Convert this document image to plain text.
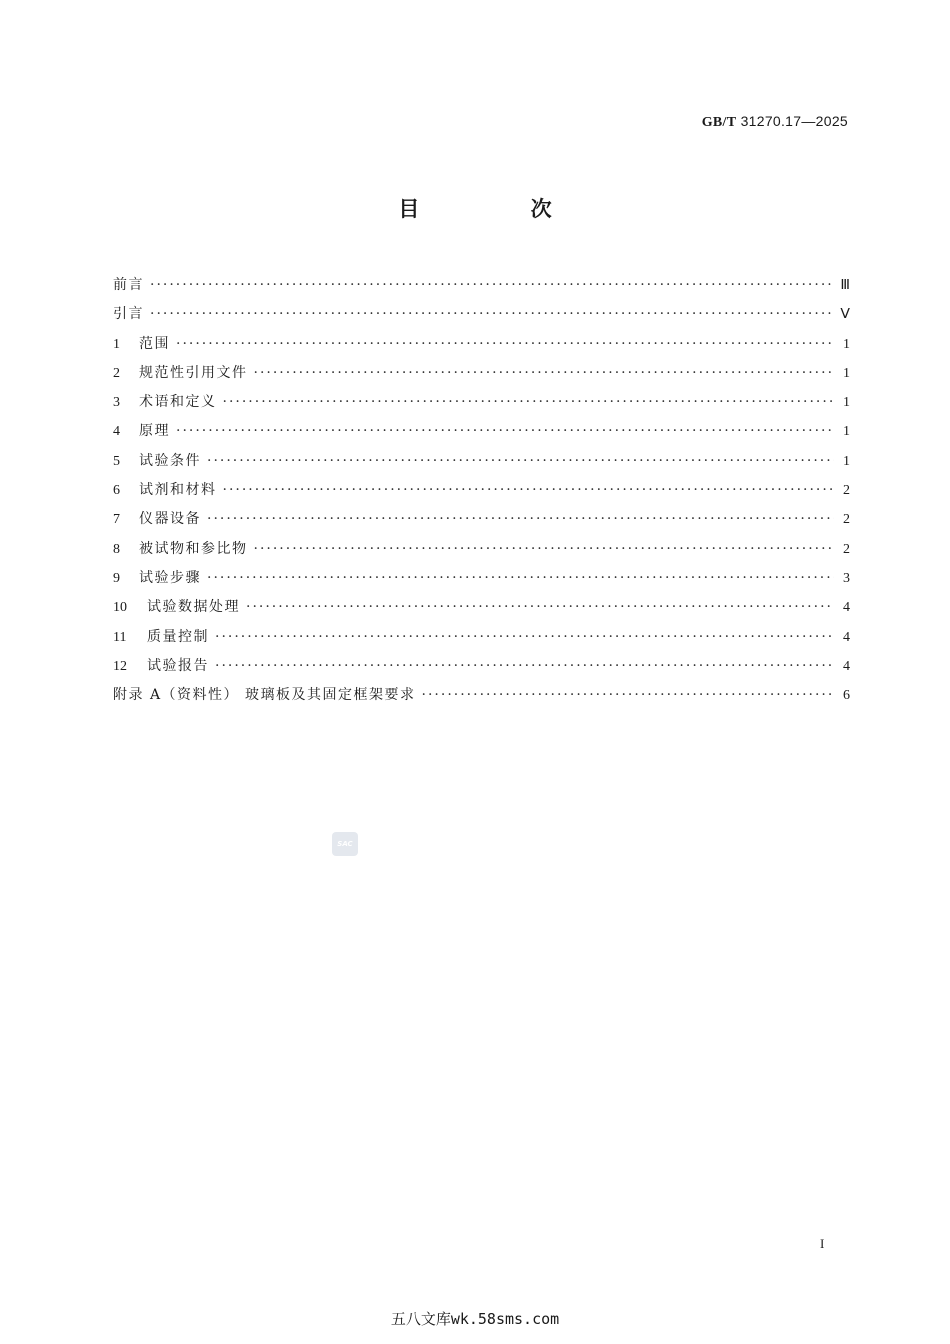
GB/T 31270.17—2025
目 次
前言 ·····	Ⅲ
引言 ·····	Ⅴ
1	范围 ·····	1
2	规范性引用文件 ·····	1
3	术语和定义 ·····	1
4	原理 ·····	1
5	试验条件 ·····	1
6	试剂和材料 ·····	2
7	仪器设备 ·····	2
8	被试物和参比物 ·····	2
9	试验步骤 ·····	3
10	试验数据处理 ·····	4
11	质量控制 ·····	4
12	试验报告 ·····	4
附录 A（资料性） 玻璃板及其固定框架要求 ·····	6
SAC
I
五八文库wk.58sms.com
